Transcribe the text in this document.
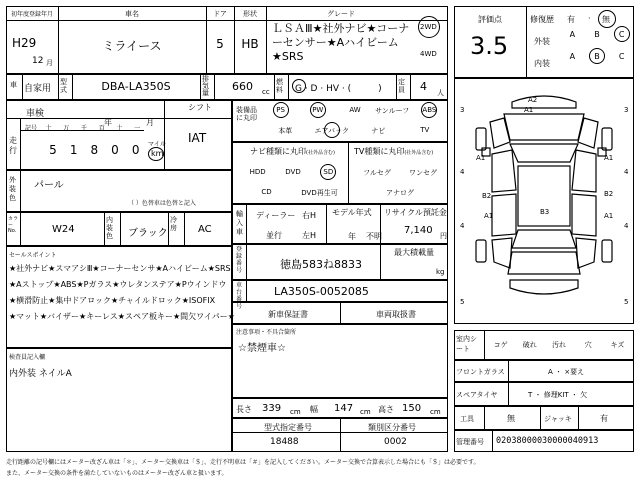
初年度登録年月
H29
12 月
車名
ミライース
ドア
5
形状
HB
グレード
ＬＳＡⅢ★社外ナビ★コーナーセンサー★Aハイビーム★SRS
2WD
4WD
車 自家用
型式	DBA-LA350S
排気量 660 cc
燃料	G · D · HV · (　　　)
定員 4 人
車検
年	月
シフト
IAT
走行
記号	十	万	千	百	十	一
5	1	8	0	0	マイル
km
外装色
パール
（ ）色替車は色替と記入
カラーNo.	W24
内装色	ブラック
冷房	AC
セールスポイント
★社外ナビ★スマアシⅢ★コーナーセンサ★Aハイビーム★SRS
★Aストップ★ABS★Pガラス★ウレタンステア★Pウインドウ
★横滑防止★集中ドアロック★チャイルドロック★ISOFIX
★マット★バイザー★キーレス★スペア板キー★間欠ワイパー★
検査員記入欄
内外装 ネイルA
装備品に丸印
PS	PW	AW	サンルーフ	ABS
本革	エアバック	ナビ	TV
ナビ種類に丸印(社外品含む) TV種類に丸印(社外品含む)
HDD	DVD	SD
CD	DVD再生可
フルセグ	ワンセグ
アナログ
輸入車
ディーラー
並行
右H
左H
モデル年式
年 不明
リサイクル預託金
7,140 円
登録番号	徳島583ね8833
最大積載量
kg
車台番号
LA350S-0052085
新車保証書	車両取扱書
注意事項・不具合箇所
☆禁煙車☆
長さ 339 cm 幅 147 cm 高さ 150 cm
型式指定番号
18488
類別区分番号
0002
評価点
3.5
修復歴 有 · 無
外装
A	B	C
内装
A	B	C
A2
A1
A1	A1
B2
B3
A1
B2
A1
3	3
4	4
4	4
5	5
室内シート	コゲ	破れ	汚れ	穴	キズ
フロントガラス	A ・ ×要え
スペアタイヤ	T ・ 修理KIT ・ 欠
工具	無	ジャッキ	有
管理番号 02038000030000040913
走行距離の記号欄にはメーター改ざん車は「＊」、メーター交換車は「＄」、走行不明車は「＃」を記入してください。メーター交換で合算表示した場合にも「＄」は必要です。
また、メーター交換の条件を満たしていないものはメーター改ざん車と扱います。
